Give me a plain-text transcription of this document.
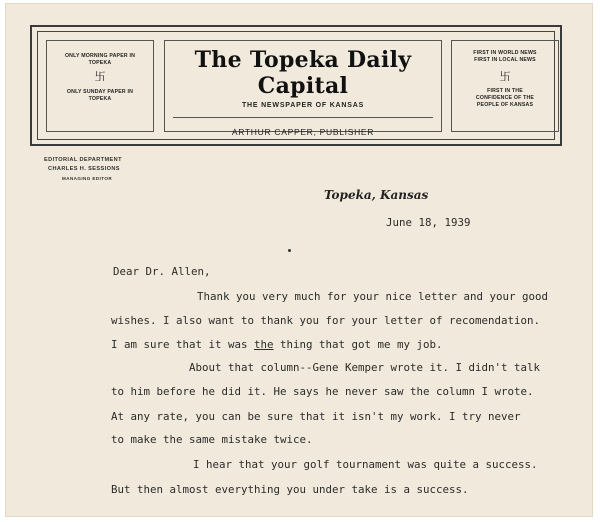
ONLY MORNING PAPER IN TOPEKA
卐
ONLY SUNDAY PAPER IN TOPEKA
The Topeka Daily Capital
THE NEWSPAPER OF KANSAS
ARTHUR CAPPER, PUBLISHER
FIRST IN WORLD NEWS
FIRST IN LOCAL NEWS
卐
FIRST IN THE CONFIDENCE OF THE PEOPLE OF KANSAS
EDITORIAL DEPARTMENT
CHARLES H. SESSIONS
MANAGING EDITOR
Topeka, Kansas
June 18, 1939
Dear Dr. Allen,
Thank you very much for your nice letter and your good
wishes. I also want to thank you for your letter of recomendation.
I am sure that it was the thing that got me my job.
About that column--Gene Kemper wrote it. I didn't talk
to him before he did it. He says he never saw the column I wrote.
At any rate, you can be sure that it isn't my work. I try never
to make the same mistake twice.
I hear that your golf tournament was quite a success.
But then almost everything you under take is a success.
